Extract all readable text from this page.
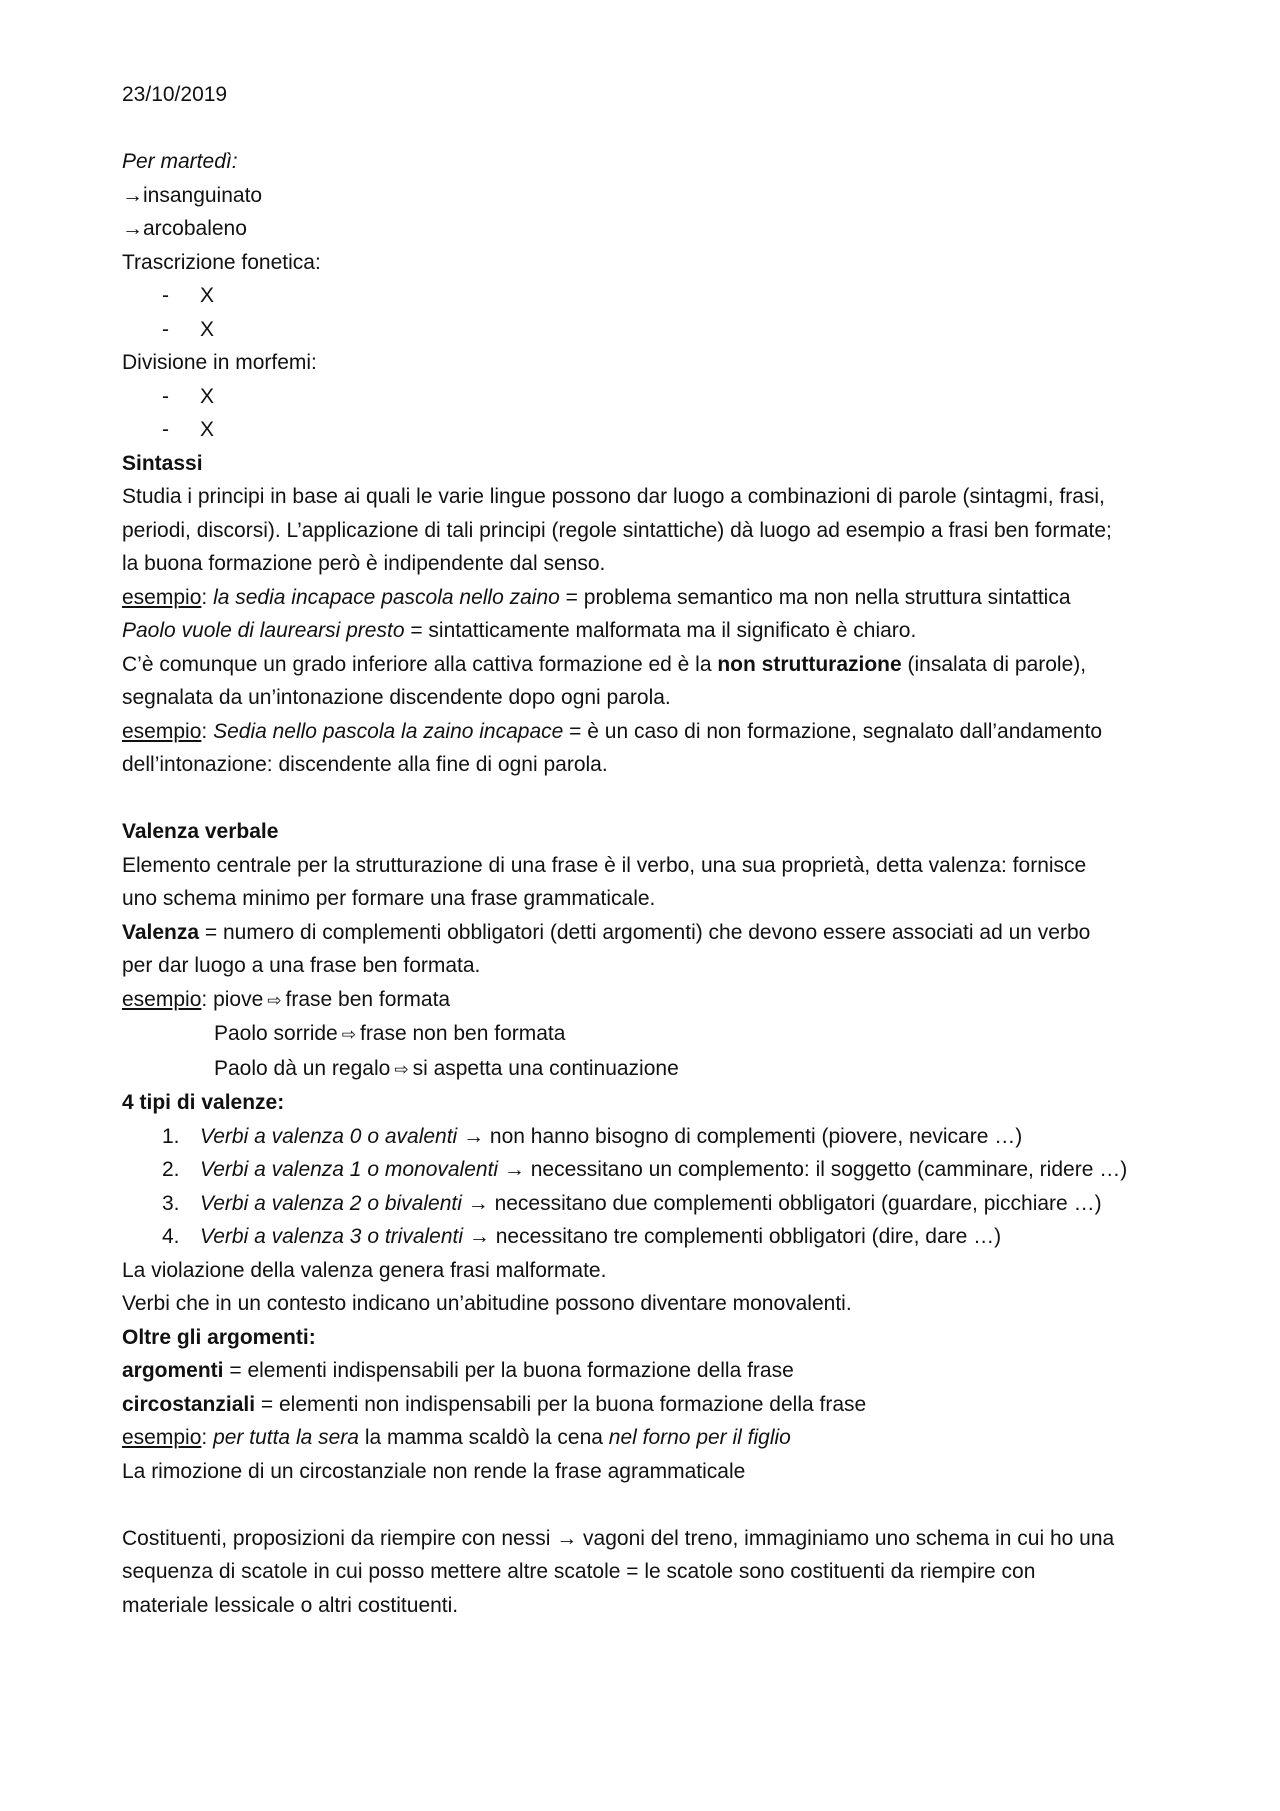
23/10/2019
Per martedì:
→insanguinato
→arcobaleno
Trascrizione fonetica:
- X
- X
Divisione in morfemi:
- X
- X
Sintassi
Studia i principi in base ai quali le varie lingue possono dar luogo a combinazioni di parole (sintagmi, frasi,
periodi, discorsi). L’applicazione di tali principi (regole sintattiche) dà luogo ad esempio a frasi ben formate;
la buona formazione però è indipendente dal senso.
esempio: la sedia incapace pascola nello zaino = problema semantico ma non nella struttura sintattica
Paolo vuole di laurearsi presto = sintatticamente malformata ma il significato è chiaro.
C’è comunque un grado inferiore alla cattiva formazione ed è la non strutturazione (insalata di parole),
segnalata da un’intonazione discendente dopo ogni parola.
esempio: Sedia nello pascola la zaino incapace = è un caso di non formazione, segnalato dall’andamento
dell’intonazione: discendente alla fine di ogni parola.
Valenza verbale
Elemento centrale per la strutturazione di una frase è il verbo, una sua proprietà, detta valenza: fornisce
uno schema minimo per formare una frase grammaticale.
Valenza = numero di complementi obbligatori (detti argomenti) che devono essere associati ad un verbo
per dar luogo a una frase ben formata.
esempio: piove ⇨ frase ben formata
Paolo sorride ⇨ frase non ben formata
Paolo dà un regalo ⇨ si aspetta una continuazione
4 tipi di valenze:
1. Verbi a valenza 0 o avalenti → non hanno bisogno di complementi (piovere, nevicare …)
2. Verbi a valenza 1 o monovalenti → necessitano un complemento: il soggetto (camminare, ridere …)
3. Verbi a valenza 2 o bivalenti → necessitano due complementi obbligatori (guardare, picchiare …)
4. Verbi a valenza 3 o trivalenti → necessitano tre complementi obbligatori (dire, dare …)
La violazione della valenza genera frasi malformate.
Verbi che in un contesto indicano un’abitudine possono diventare monovalenti.
Oltre gli argomenti:
argomenti = elementi indispensabili per la buona formazione della frase
circostanziali = elementi non indispensabili per la buona formazione della frase
esempio: per tutta la sera la mamma scaldò la cena nel forno per il figlio
La rimozione di un circostanziale non rende la frase agrammaticale
Costituenti, proposizioni da riempire con nessi → vagoni del treno, immaginiamo uno schema in cui ho una
sequenza di scatole in cui posso mettere altre scatole = le scatole sono costituenti da riempire con
materiale lessicale o altri costituenti.
